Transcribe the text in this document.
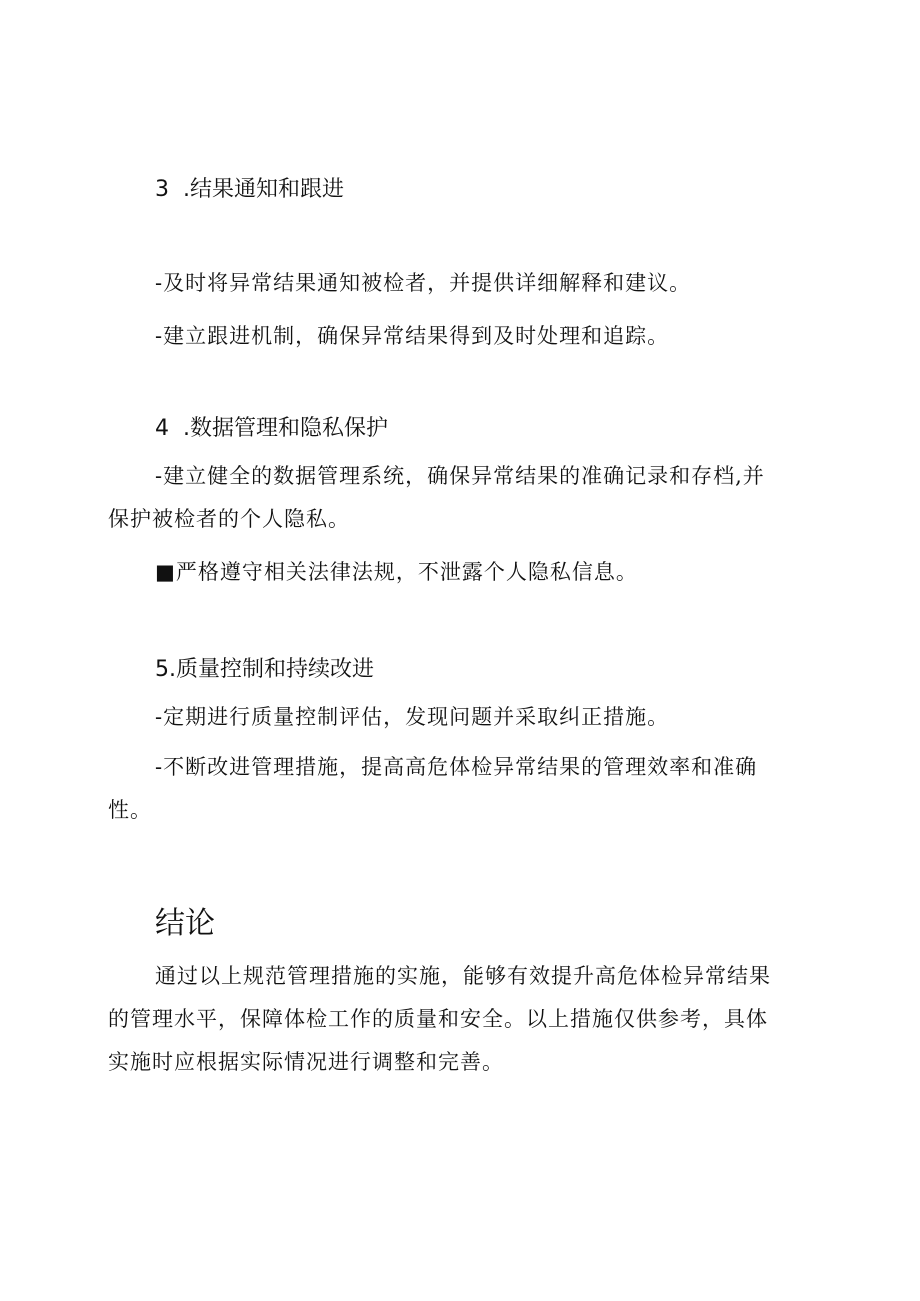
3 .结果通知和跟进
-及时将异常结果通知被检者，并提供详细解释和建议。
-建立跟进机制，确保异常结果得到及时处理和追踪。
4 .数据管理和隐私保护
-建立健全的数据管理系统，确保异常结果的准确记录和存档,并
保护被检者的个人隐私。
■严格遵守相关法律法规，不泄露个人隐私信息。
5.质量控制和持续改进
-定期进行质量控制评估，发现问题并采取纠正措施。
-不断改进管理措施，提高高危体检异常结果的管理效率和准确
性。
结论
通过以上规范管理措施的实施，能够有效提升高危体检异常结果
的管理水平，保障体检工作的质量和安全。以上措施仅供参考，具体
实施时应根据实际情况进行调整和完善。
